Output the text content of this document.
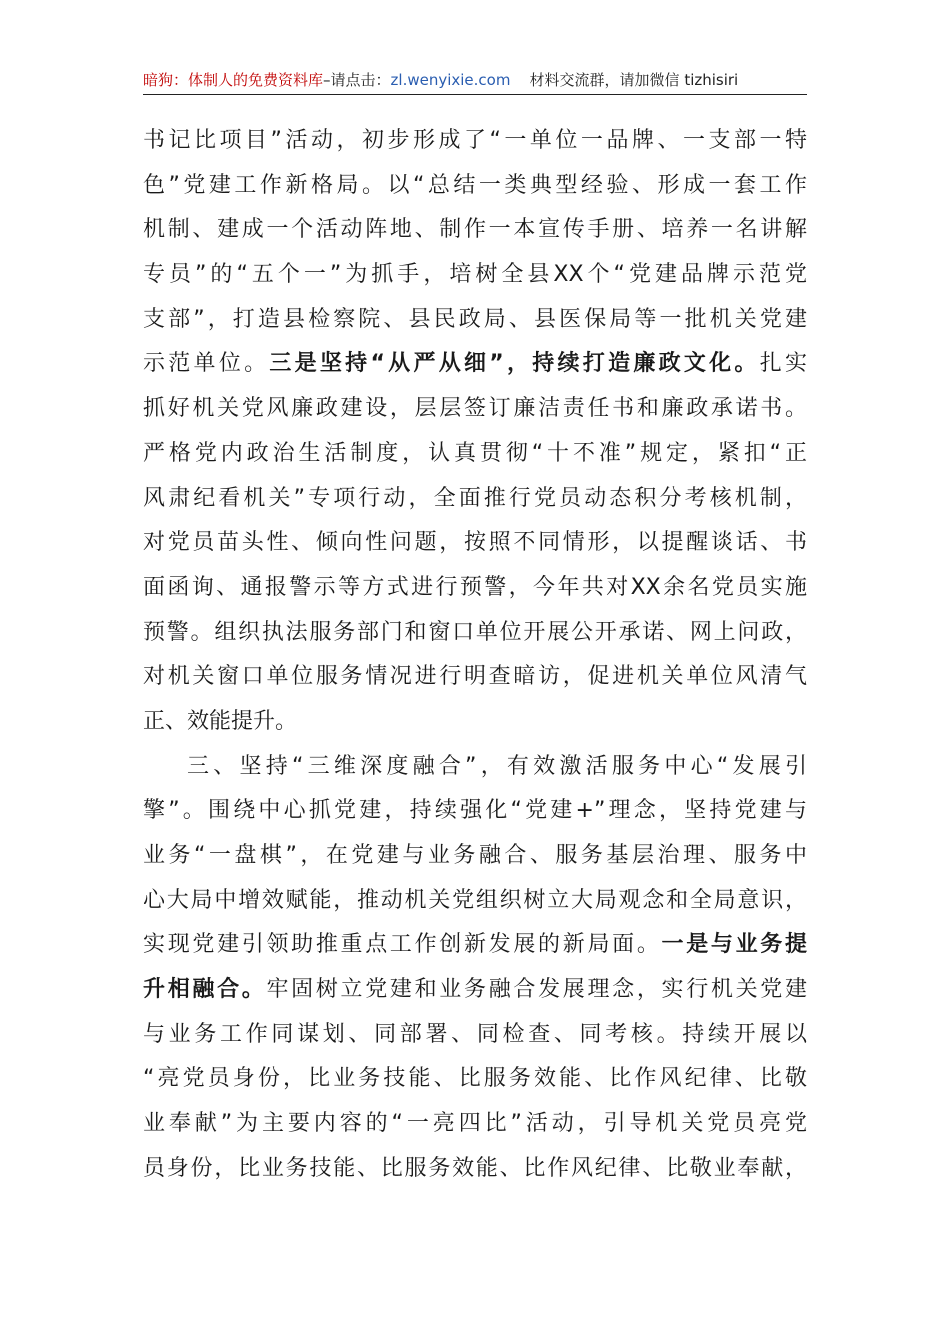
暗狗：体制人的免费资料库–请点击：zl.wenyixie.com 材料交流群，请加微信 tizhisiri
书记比项目”活动，初步形成了“一单位一品牌、一支部一特
色”党建工作新格局。以“总结一类典型经验、形成一套工作
机制、建成一个活动阵地、制作一本宣传手册、培养一名讲解
专员”的“五个一”为抓手，培树全县XX个“党建品牌示范党
支部”，打造县检察院、县民政局、县医保局等一批机关党建
示范单位。三是坚持“从严从细”，持续打造廉政文化。扎实
抓好机关党风廉政建设，层层签订廉洁责任书和廉政承诺书。
严格党内政治生活制度，认真贯彻“十不准”规定，紧扣“正
风肃纪看机关”专项行动，全面推行党员动态积分考核机制，
对党员苗头性、倾向性问题，按照不同情形，以提醒谈话、书
面函询、通报警示等方式进行预警，今年共对XX余名党员实施
预警。组织执法服务部门和窗口单位开展公开承诺、网上问政，
对机关窗口单位服务情况进行明查暗访，促进机关单位风清气
正、效能提升。
三、坚持“三维深度融合”，有效激活服务中心“发展引
擎”。围绕中心抓党建，持续强化“党建+”理念，坚持党建与
业务“一盘棋”，在党建与业务融合、服务基层治理、服务中
心大局中增效赋能，推动机关党组织树立大局观念和全局意识，
实现党建引领助推重点工作创新发展的新局面。一是与业务提
升相融合。牢固树立党建和业务融合发展理念，实行机关党建
与业务工作同谋划、同部署、同检查、同考核。持续开展以
“亮党员身份，比业务技能、比服务效能、比作风纪律、比敬
业奉献”为主要内容的“一亮四比”活动，引导机关党员亮党
员身份，比业务技能、比服务效能、比作风纪律、比敬业奉献，
